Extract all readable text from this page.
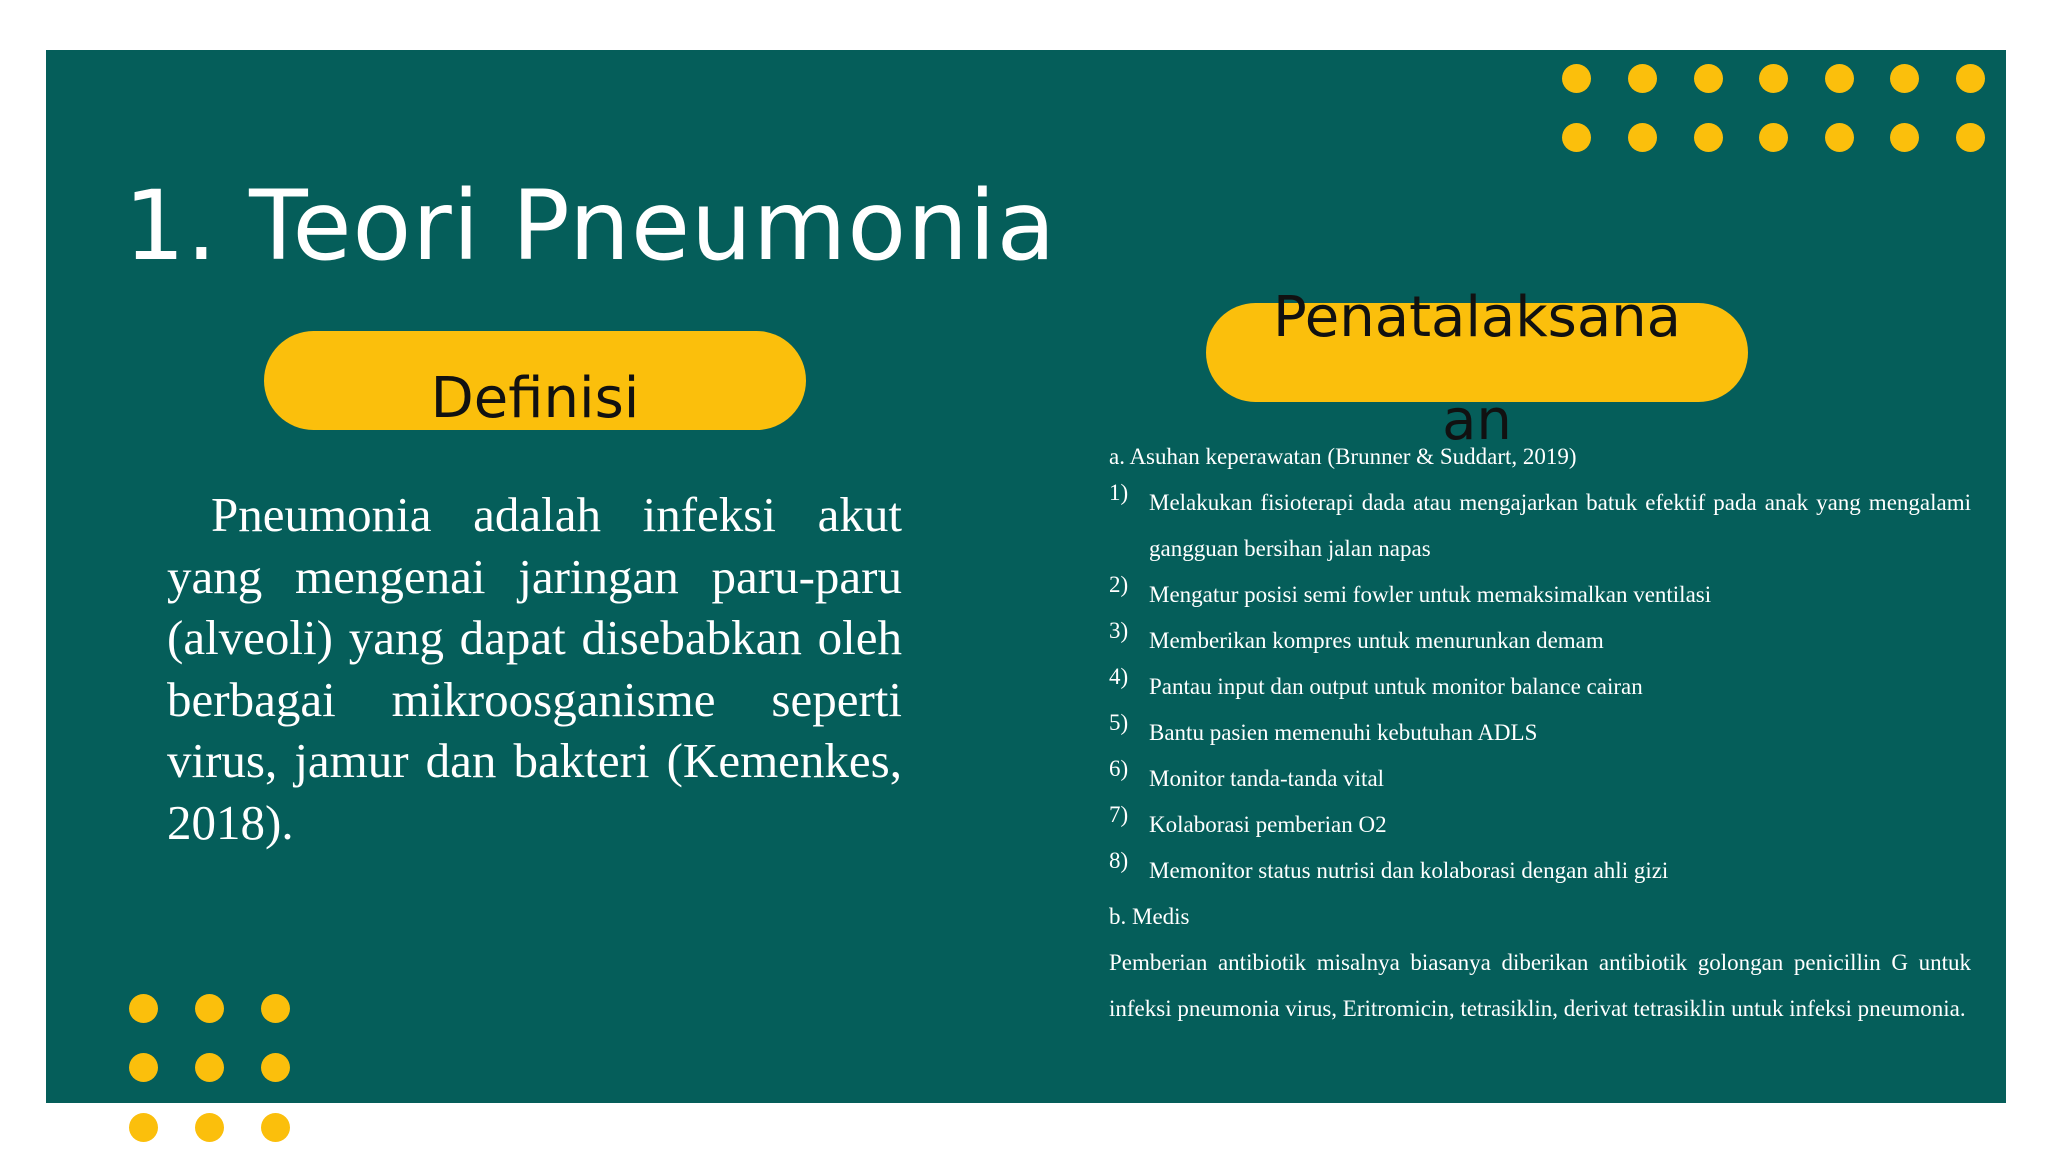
1. Teori Pneumonia
Definisi
Pneumonia adalah infeksi akut yang mengenai jaringan paru-paru (alveoli) yang dapat disebabkan oleh berbagai mikroosganisme seperti virus, jamur dan bakteri (Kemenkes, 2018).
Penatalaksana
an
a. Asuhan keperawatan (Brunner & Suddart, 2019)
1) Melakukan fisioterapi dada atau mengajarkan batuk efektif pada anak yang mengalami gangguan bersihan jalan napas
2) Mengatur posisi semi fowler untuk memaksimalkan ventilasi
3) Memberikan kompres untuk menurunkan demam
4) Pantau input dan output untuk monitor balance cairan
5) Bantu pasien memenuhi kebutuhan ADLS
6) Monitor tanda-tanda vital
7) Kolaborasi pemberian O2
8) Memonitor status nutrisi dan kolaborasi dengan ahli gizi
b. Medis
Pemberian antibiotik misalnya biasanya diberikan antibiotik golongan penicillin G untuk infeksi pneumonia virus, Eritromicin, tetrasiklin, derivat tetrasiklin untuk infeksi pneumonia.
